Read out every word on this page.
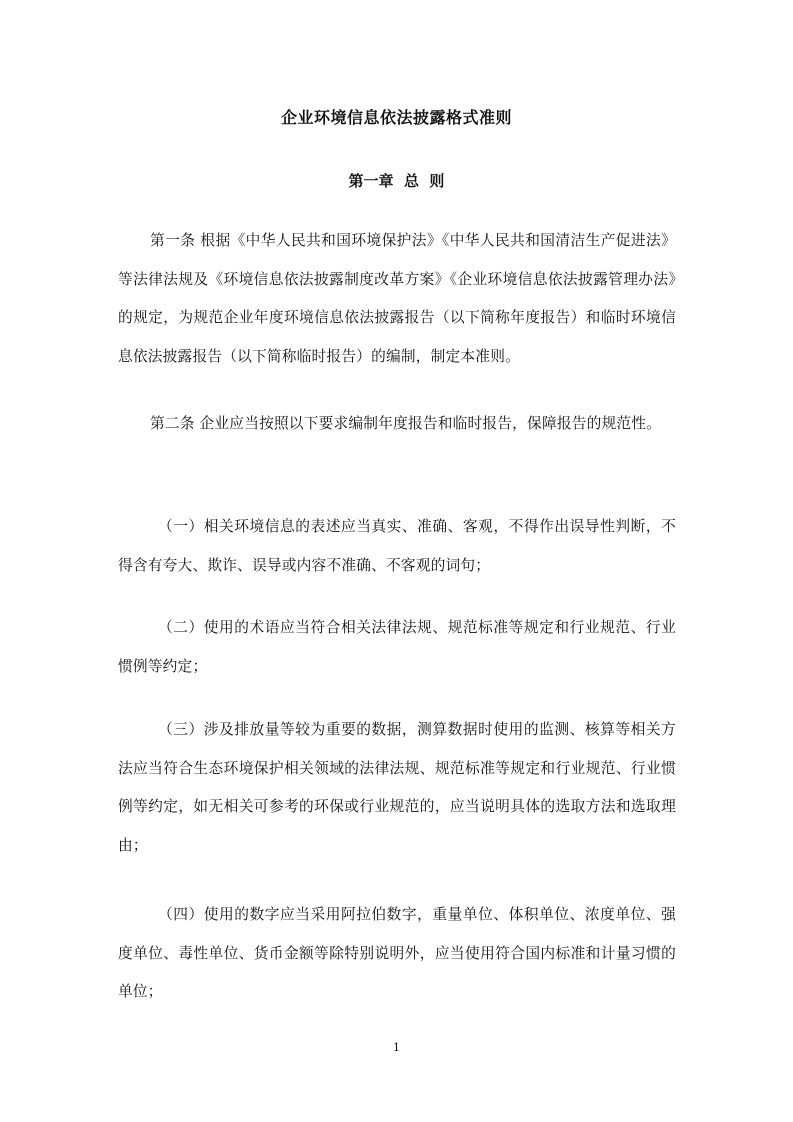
企业环境信息依法披露格式准则
第一章  总  则

第一条 根据《中华人民共和国环境保护法》《中华人民共和国清洁生产促进法》等法律法规及《环境信息依法披露制度改革方案》《企业环境信息依法披露管理办法》的规定，为规范企业年度环境信息依法披露报告（以下简称年度报告）和临时环境信息依法披露报告（以下简称临时报告）的编制，制定本准则。

第二条 企业应当按照以下要求编制年度报告和临时报告，保障报告的规范性。

（一）相关环境信息的表述应当真实、准确、客观，不得作出误导性判断，不得含有夸大、欺诈、误导或内容不准确、不客观的词句；

（二）使用的术语应当符合相关法律法规、规范标准等规定和行业规范、行业惯例等约定；

（三）涉及排放量等较为重要的数据，测算数据时使用的监测、核算等相关方法应当符合生态环境保护相关领域的法律法规、规范标准等规定和行业规范、行业惯例等约定，如无相关可参考的环保或行业规范的，应当说明具体的选取方法和选取理由；

（四）使用的数字应当采用阿拉伯数字，重量单位、体积单位、浓度单位、强度单位、毒性单位、货币金额等除特别说明外，应当使用符合国内标准和计量习惯的单位；

1
